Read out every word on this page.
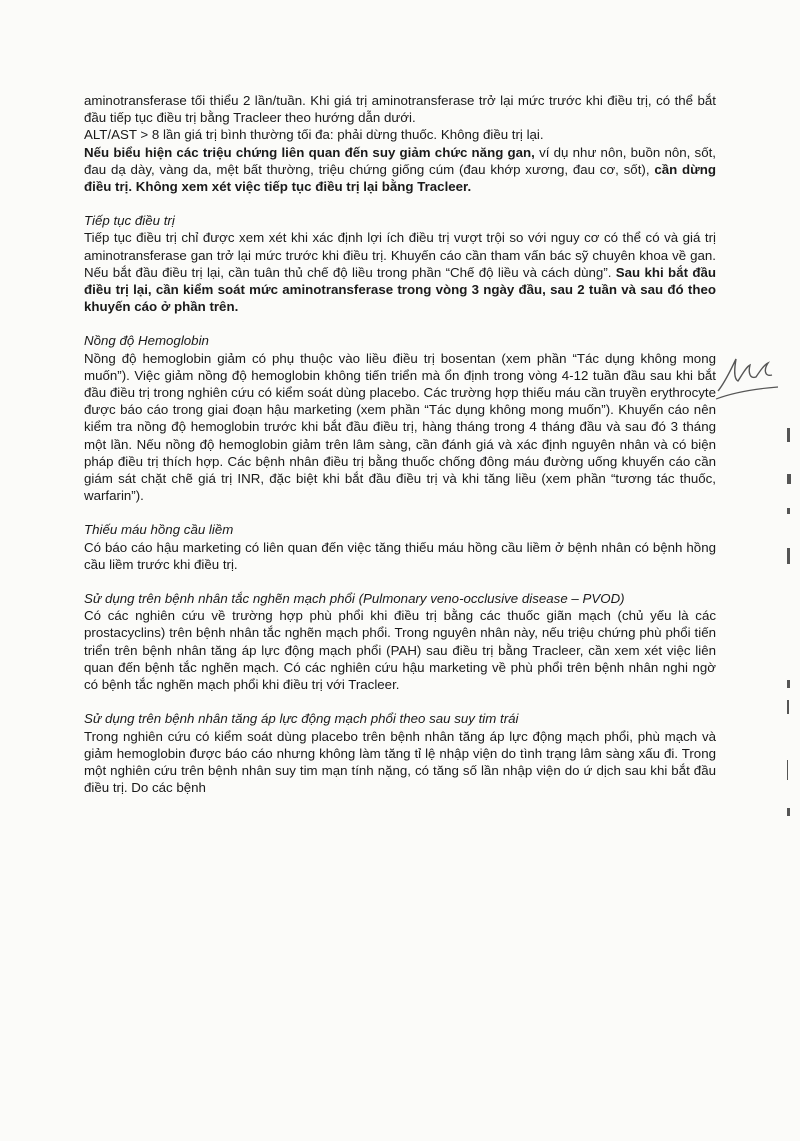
aminotransferase tối thiểu 2 lần/tuần. Khi giá trị aminotransferase trở lại mức trước khi điều trị, có thể bắt đầu tiếp tục điều trị bằng Tracleer theo hướng dẫn dưới.

ALT/AST > 8 lần giá trị bình thường tối đa: phải dừng thuốc. Không điều trị lại.

Nếu biểu hiện các triệu chứng liên quan đến suy giảm chức năng gan, ví dụ như nôn, buồn nôn, sốt, đau dạ dày, vàng da, mệt bất thường, triệu chứng giống cúm (đau khớp xương, đau cơ, sốt), cần dừng điều trị. Không xem xét việc tiếp tục điều trị lại bằng Tracleer.

Tiếp tục điều trị

Tiếp tục điều trị chỉ được xem xét khi xác định lợi ích điều trị vượt trội so với nguy cơ có thể có và giá trị aminotransferase gan trở lại mức trước khi điều trị. Khuyến cáo cần tham vấn bác sỹ chuyên khoa về gan. Nếu bắt đầu điều trị lại, cần tuân thủ chế độ liều trong phần “Chế độ liều và cách dùng”. Sau khi bắt đầu điều trị lại, cần kiểm soát mức aminotransferase trong vòng 3 ngày đầu, sau 2 tuần và sau đó theo khuyến cáo ở phần trên.

Nồng độ Hemoglobin

Nồng độ hemoglobin giảm có phụ thuộc vào liều điều trị bosentan (xem phần “Tác dụng không mong muốn”). Việc giảm nồng độ hemoglobin không tiến triển mà ổn định trong vòng 4-12 tuần đầu sau khi bắt đầu điều trị trong nghiên cứu có kiểm soát dùng placebo. Các trường hợp thiếu máu cần truyền erythrocyte được báo cáo trong giai đoạn hậu marketing (xem phần “Tác dụng không mong muốn”). Khuyến cáo nên kiểm tra nồng độ hemoglobin trước khi bắt đầu điều trị, hàng tháng trong 4 tháng đầu và sau đó 3 tháng một lần. Nếu nồng độ hemoglobin giảm trên lâm sàng, cần đánh giá và xác định nguyên nhân và có biện pháp điều trị thích hợp. Các bệnh nhân điều trị bằng thuốc chống đông máu đường uống khuyến cáo cần giám sát chặt chẽ giá trị INR, đặc biệt khi bắt đầu điều trị và khi tăng liều (xem phần “tương tác thuốc, warfarin”).

Thiếu máu hồng cầu liềm

Có báo cáo hậu marketing có liên quan đến việc tăng thiếu máu hồng cầu liềm ở bệnh nhân có bệnh hồng cầu liềm trước khi điều trị.

Sử dụng trên bệnh nhân tắc nghẽn mạch phổi (Pulmonary veno-occlusive disease – PVOD)

Có các nghiên cứu về trường hợp phù phổi khi điều trị bằng các thuốc giãn mạch (chủ yếu là các prostacyclins) trên bệnh nhân tắc nghẽn mạch phổi. Trong nguyên nhân này, nếu triệu chứng phù phổi tiến triển trên bệnh nhân tăng áp lực động mạch phổi (PAH) sau điều trị bằng Tracleer, cần xem xét việc liên quan đến bệnh tắc nghẽn mạch. Có các nghiên cứu hậu marketing về phù phổi trên bệnh nhân nghi ngờ có bệnh tắc nghẽn mạch phổi khi điều trị với Tracleer.

Sử dụng trên bệnh nhân tăng áp lực động mạch phổi theo sau suy tim trái

Trong nghiên cứu có kiểm soát dùng placebo trên bệnh nhân tăng áp lực động mạch phổi, phù mạch và giảm hemoglobin được báo cáo nhưng không làm tăng tỉ lệ nhập viện do tình trạng lâm sàng xấu đi. Trong một nghiên cứu trên bệnh nhân suy tim mạn tính nặng, có tăng số lần nhập viện do ứ dịch sau khi bắt đầu điều trị. Do các bệnh
